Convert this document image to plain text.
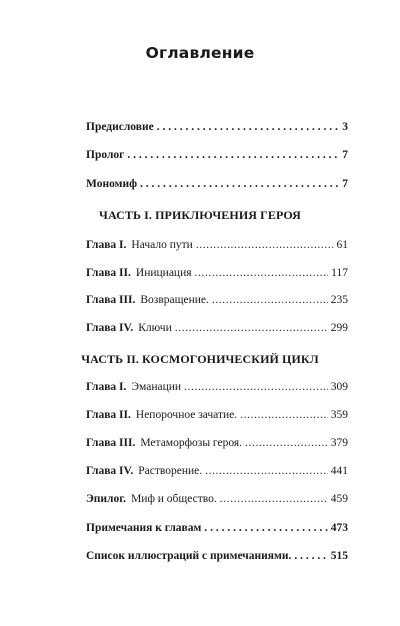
Оглавление
Предисловие . . .	3
Пролог . . .	7
Мономиф . . .	7
ЧАСТЬ I. ПРИКЛЮЧЕНИЯ ГЕРОЯ
Глава I. Начало пути .....	61
Глава II. Инициация .....	117
Глава III. Возвращение. .....	235
Глава IV. Ключи .....	299
ЧАСТЬ II. КОСМОГОНИЧЕСКИЙ ЦИКЛ
Глава I. Эманации .....	309
Глава II. Непорочное зачатие. .....	359
Глава III. Метаморфозы героя. .....	379
Глава IV. Растворение. .....	441
Эпилог. Миф и общество. .....	459
Примечания к главам . . .	473
Список иллюстраций с примечаниями. . . .	515
